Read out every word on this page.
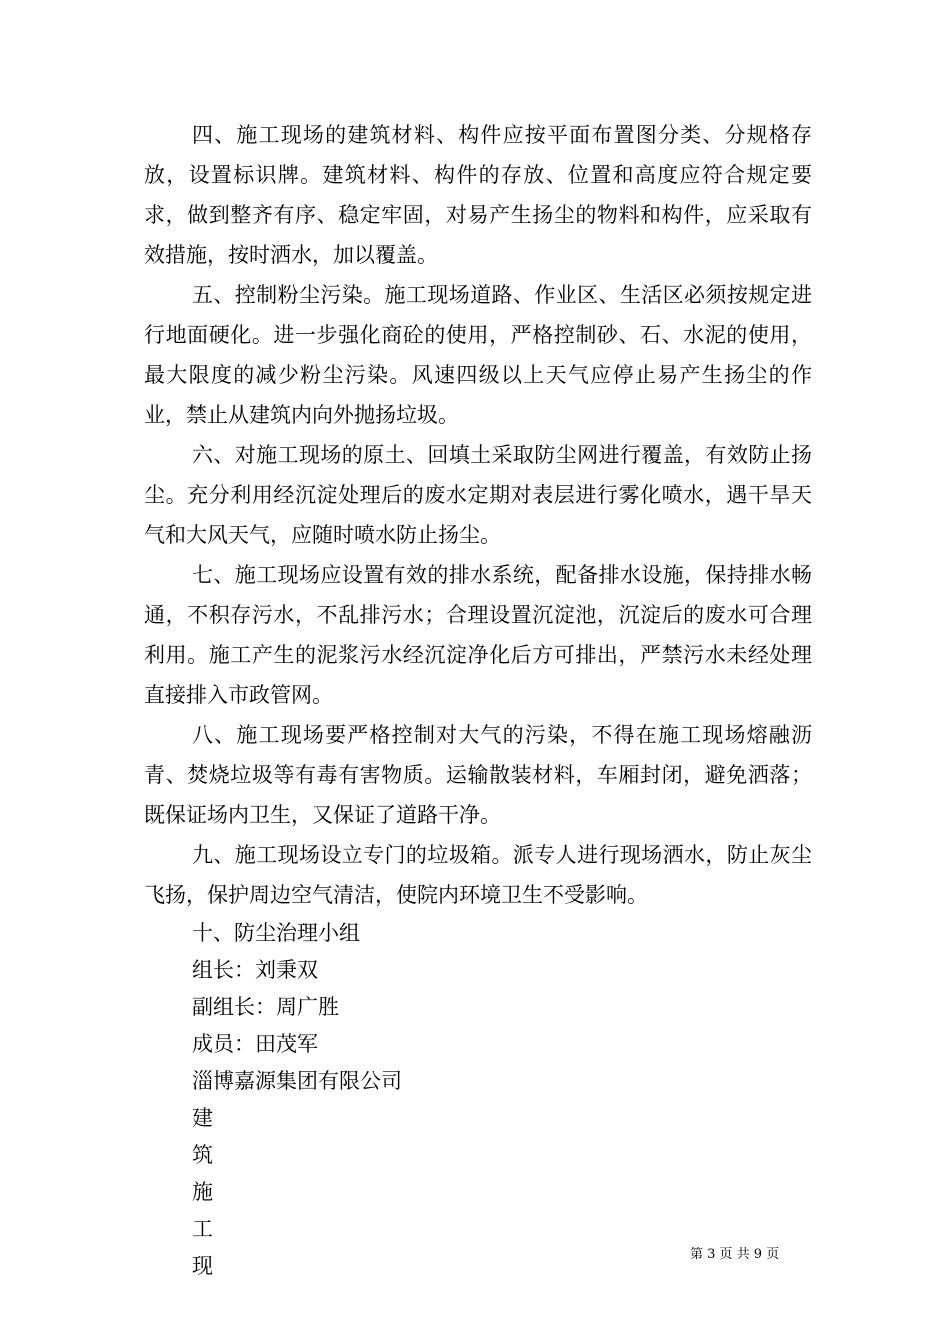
四、施工现场的建筑材料、构件应按平面布置图分类、分规格存放，设置标识牌。建筑材料、构件的存放、位置和高度应符合规定要求，做到整齐有序、稳定牢固，对易产生扬尘的物料和构件，应采取有效措施，按时洒水，加以覆盖。

五、控制粉尘污染。施工现场道路、作业区、生活区必须按规定进行地面硬化。进一步强化商砼的使用，严格控制砂、石、水泥的使用，最大限度的减少粉尘污染。风速四级以上天气应停止易产生扬尘的作业，禁止从建筑内向外抛扬垃圾。

六、对施工现场的原土、回填土采取防尘网进行覆盖，有效防止扬尘。充分利用经沉淀处理后的废水定期对表层进行雾化喷水，遇干旱天气和大风天气，应随时喷水防止扬尘。

七、施工现场应设置有效的排水系统，配备排水设施，保持排水畅通，不积存污水，不乱排污水；合理设置沉淀池，沉淀后的废水可合理利用。施工产生的泥浆污水经沉淀净化后方可排出，严禁污水未经处理直接排入市政管网。

八、施工现场要严格控制对大气的污染，不得在施工现场熔融沥青、焚烧垃圾等有毒有害物质。运输散装材料，车厢封闭，避免洒落；既保证场内卫生，又保证了道路干净。

九、施工现场设立专门的垃圾箱。派专人进行现场洒水，防止灰尘飞扬，保护周边空气清洁，使院内环境卫生不受影响。

十、防尘治理小组

组长：刘秉双

副组长：周广胜

成员：田茂军

淄博嘉源集团有限公司

建

筑

施

工

现	第 3 页 共 9 页
